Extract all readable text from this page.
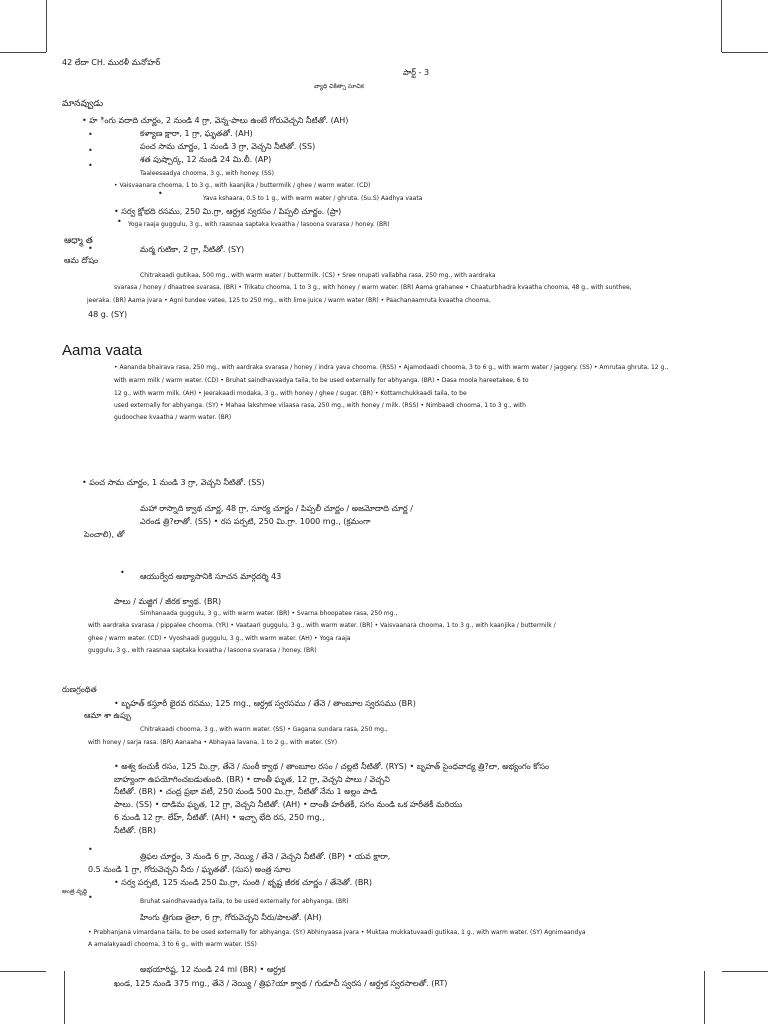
42 లేదా CH. మురళీ మనోహర్
పార్ట్ - 3
వ్యాధి చికిత్సా సూచిక
మానవ్వుడు
• హ ింగు వదాది చూర్ణం, 2 నుండి 4 గ్రా, వెన్న-పాలు ఉంటే గోరువెచ్చని నీటితో. (AH)
•	కళ్యాణ క్షారా, 1 గ్రా, ఘృతతో. (AH)
•	పంచ సామ చూర్ణం, 1 నుండి 3 గ్రా, వెచ్చని నీటితో. (SS)
•
శత పుష్పార్క, 12 నుండి 24 మి.లీ. (AP)
Taaleesaadya chooma, 3 g., with honey. (SS)
• Vaisvaanara chooma, 1 to 3 g., with kaanjika / buttermilk / ghee / warm water. (CD)
•
Yava kshaara, 0.5 to 1 g., with warm water / ghruta. (Su.S) Aadhya vaata
• సర్వ క్షోభది రసము, 250 మి.గ్రా, ఆర్ద్రక స్వరసం / పిప్పలి చూర్ణం. (ప్రా)
• Yoga raaja guggulu, 3 g., with raasnaa saptaka kvaatha / lasoona svarasa / honey. (BR)
ఆధ్మా త
•	మర్మ గుటికా, 2 గ్రా, నీటితో. (SY)
ఆమ దోషం
Chitrakaadi gutikaa, 500 mg., with warm water / buttermilk. (CS) • Sree nrupati vallabha rasa, 250 mg., with aardraka
svarasa / honey / dhaatree svarasa. (BR) • Trikatu chooma, 1 to 3 g., with honey / warm water. (BR) Aama grahanee • Chaaturbhadra kvaatha chooma, 48 g., with sunthee,
jeeraka. (BR) Aama jvara • Agni tundee vatee, 125 to 250 mg., with lime juice / warm water (BR) • Paachanaamruta kvaatha chooma,
48 g. (SY)
Aama vaata
• Aananda bhairava rasa, 250 mg., with aardraka svarasa / honey / indra yava chooma. (RSS) • Ajamodaadi chooma, 3 to 6 g., with warm water / jaggery. (SS) • Amrutaa ghruta, 12 g.,
with warm milk / warm water. (CD) • Bruhat saindhavaadya taila, to be used externally for abhyanga. (BR) • Dasa moola hareetakee, 6 to
12 g., with warm milk. (AH) • Jeerakaadi modaka, 3 g., with honey / ghee / sugar. (BR) • Kottamchukkaadi taila, to be
used externally for abhyanga. (SY) • Mahaa lakshmee vilaasa rasa, 250 mg., with honey / milk. (RSS) • Nimbaadi chooma, 1 to 3 g., with
gudoochee kvaatha / warm water. (BR)
• పంచ సామ చూర్ణం, 1 నుండి 3 గ్రా, వెచ్చని నీటితో. (SS)
మహా రాస్నాది క్వాథ చూర్ణ, 48 గ్రా, సూర్య చూర్ణం / పిప్పలీ చూర్ణం / అజమోదాది చూర్ణ /
ఎరండ త్రి?లాతో. (SS) • రస పర్పటి, 250 మి.గ్రా. 1000 mg., (క్రమంగా
పెంచాలి), తో
• ఆయుర్వేద అభ్యాసానికి సూచన మార్గదర్శి 43
పాలు / మజ్జిగ / జీరక క్వాథ. (BR)
Simhanaada guggulu, 3 g., with warm water. (BR) • Svarna bhoopatee rasa, 250 mg.,
with aardraka svarasa / pippalee chooma. (YR) • Vaataari guggulu, 3 g., with warm water. (BR) • Vaisvaanara chooma, 1 to 3 g., with kaanjika / buttermilk /
ghee / warm water. (CD) • Vyoshaadi guggulu, 3 g., with warm water. (AH) • Yoga raaja
guggulu, 3 g., with raasnaa saptaka kvaatha / lasoona svarasa / honey. (BR)
రుణగ్రంథిత
• బృహత్ కస్తూరీ భైరవ రసము, 125 mg., ఆర్ద్రక స్వరసము / తేనె / తాంబూల స్వరసము (BR)
ఆమా శా ఉప్పు
Chitrakaadi chooma, 3 g., with warm water. (SS) • Gagana sundara rasa, 250 mg.,
with honey / sarja rasa. (BR) Aanaaha • Abhayaa lavana, 1 to 2 g., with water. (SY)
• అశ్వ కంచుకీ రసం, 125 మి.గ్రా, తేనె / సుంఠీ క్వాథ / తాంబూల రసం / చల్లటి నీటితో. (RYS) • బృహత్ సైంధవాద్య త్రి?లా, అభ్యంగం కోసం
బాహ్యంగా ఉపయోగించబడుతుంది. (BR) • దాంతీ ఘృత, 12 గ్రా, వెచ్చని పాలు / వెచ్చని
నీటితో. (BR) • చంద్ర ప్రభా వటీ, 250 నుండి 500 మి.గ్రా, నీటితో నేను 1 అల్లం పాడి
పాలు. (SS) • దాడిమ ఘృత, 12 గ్రా, వెచ్చని నీటితో. (AH) • దాంతీ హరీతకీ, సగం నుండి ఒక హరీతకీ మరియు
6 నుండి 12 గ్రా. లేహ్, నీటితో. (AH) • ఇచ్ఛా భేది రస, 250 mg.,
నీటితో. (BR)
•
త్రిఫల చూర్ణం, 3 నుండి 6 గ్రా, నెయ్యి / తేనె / వెచ్చని నీటితో. (BP) • యవ క్షారా,
0.5 నుండి 1 గ్రా, గోరువెచ్చని నీరు / ఘృతతో. (సుస) అంత్ర సూల
• సర్వ పర్పటి, 125 నుండి 250 మి.గ్రా, సుంఠి / భృష్ట జీరక చూర్ణం / తేనెతో. (BR)
అంత్ర వృద్ధి
•	Bruhat saindhavaadya taila, to be used externally for abhyanga. (BR)
హింగు త్రిగుణ తైలా, 6 గ్రా, గోరువెచ్చని నీరు/పాలతో. (AH)
• Prabhanjana vimardana taila, to be used externally for abhyanga. (SY) Abhinyaasa jvara • Muktaa mukkatuvaadi gutikaa, 1 g., with warm water. (SY) Agnimaandya
A amalakyaadi chooma, 3 to 6 g., with warm water. (SS)
అభయారిష్ట, 12 నుండి 24 ml (BR) • ఆర్ద్రక
ఖండ, 125 నుండి 375 mg., తేనె / నెయ్యి / త్రిఫ?యా క్వాథ / గుడూచీ స్వరస / ఆర్ద్రక స్వరసాలతో. (RT)
